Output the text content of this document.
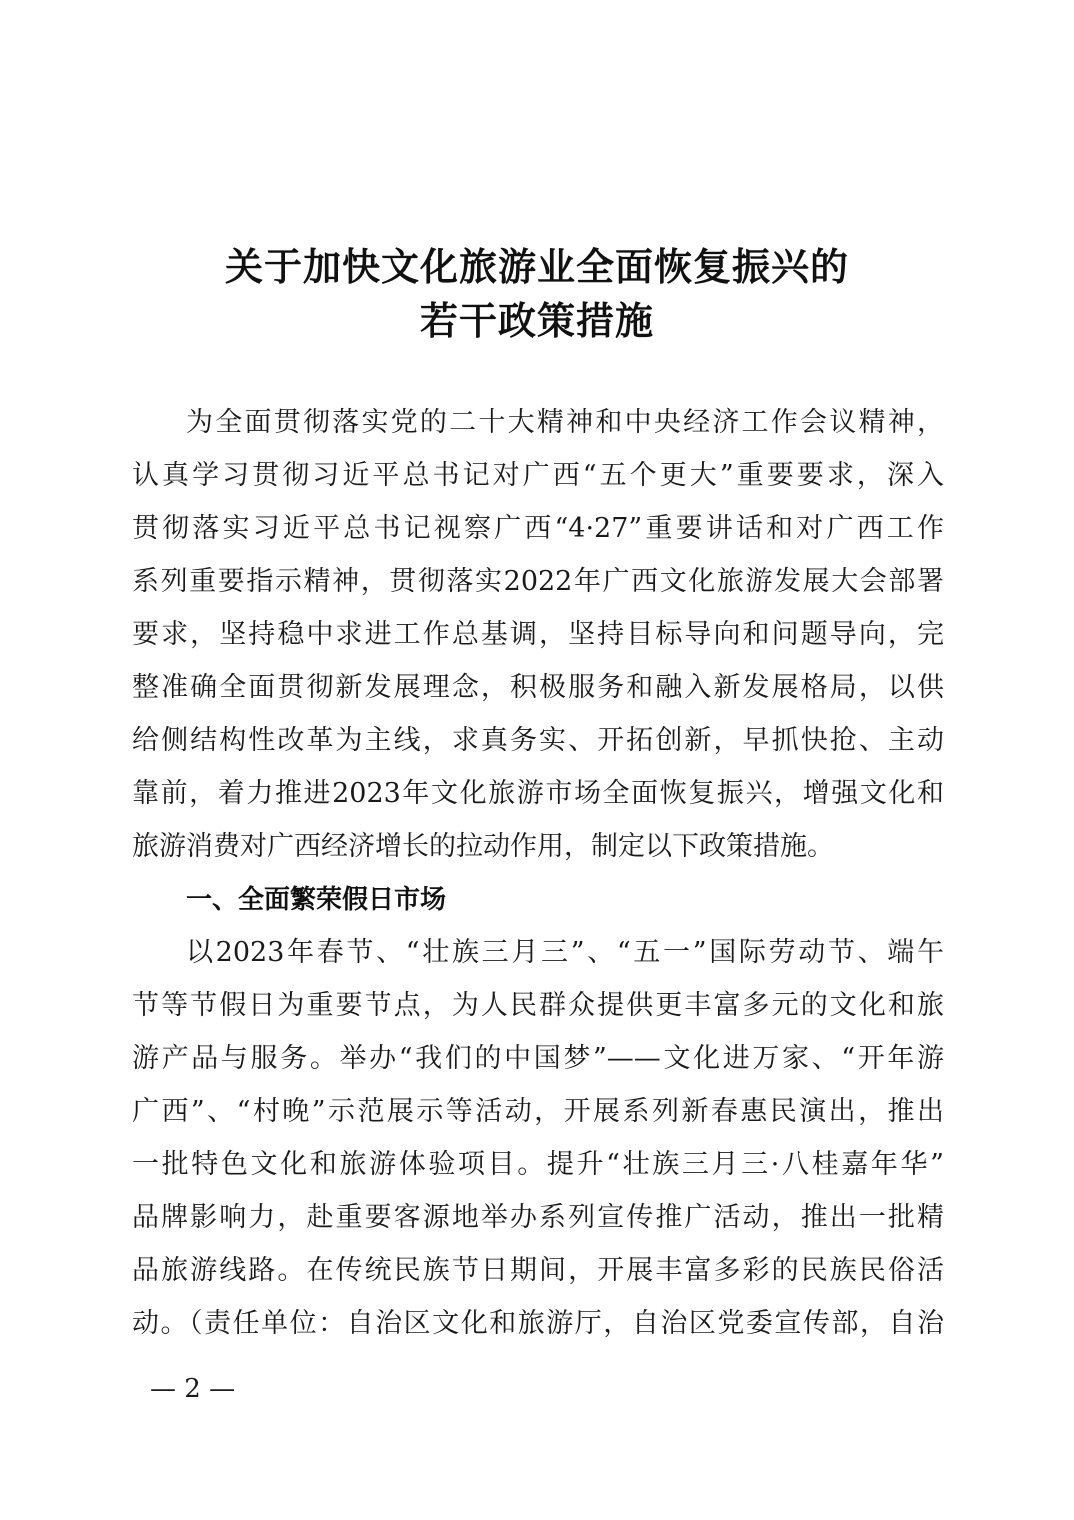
关于加快文化旅游业全面恢复振兴的
若干政策措施
为全面贯彻落实党的二十大精神和中央经济工作会议精神，
认真学习贯彻习近平总书记对广西“五个更大”重要要求，深入
贯彻落实习近平总书记视察广西“4·27”重要讲话和对广西工作
系列重要指示精神，贯彻落实2022年广西文化旅游发展大会部署
要求，坚持稳中求进工作总基调，坚持目标导向和问题导向，完
整准确全面贯彻新发展理念，积极服务和融入新发展格局，以供
给侧结构性改革为主线，求真务实、开拓创新，早抓快抢、主动
靠前，着力推进2023年文化旅游市场全面恢复振兴，增强文化和
旅游消费对广西经济增长的拉动作用，制定以下政策措施。
一、全面繁荣假日市场
以2023年春节、“壮族三月三”、“五一”国际劳动节、端午
节等节假日为重要节点，为人民群众提供更丰富多元的文化和旅
游产品与服务。举办“我们的中国梦”——文化进万家、“开年游
广西”、“村晚”示范展示等活动，开展系列新春惠民演出，推出
一批特色文化和旅游体验项目。提升“壮族三月三·八桂嘉年华”
品牌影响力，赴重要客源地举办系列宣传推广活动，推出一批精
品旅游线路。在传统民族节日期间，开展丰富多彩的民族民俗活
动。（责任单位：自治区文化和旅游厅，自治区党委宣传部，自治
— 2 —
